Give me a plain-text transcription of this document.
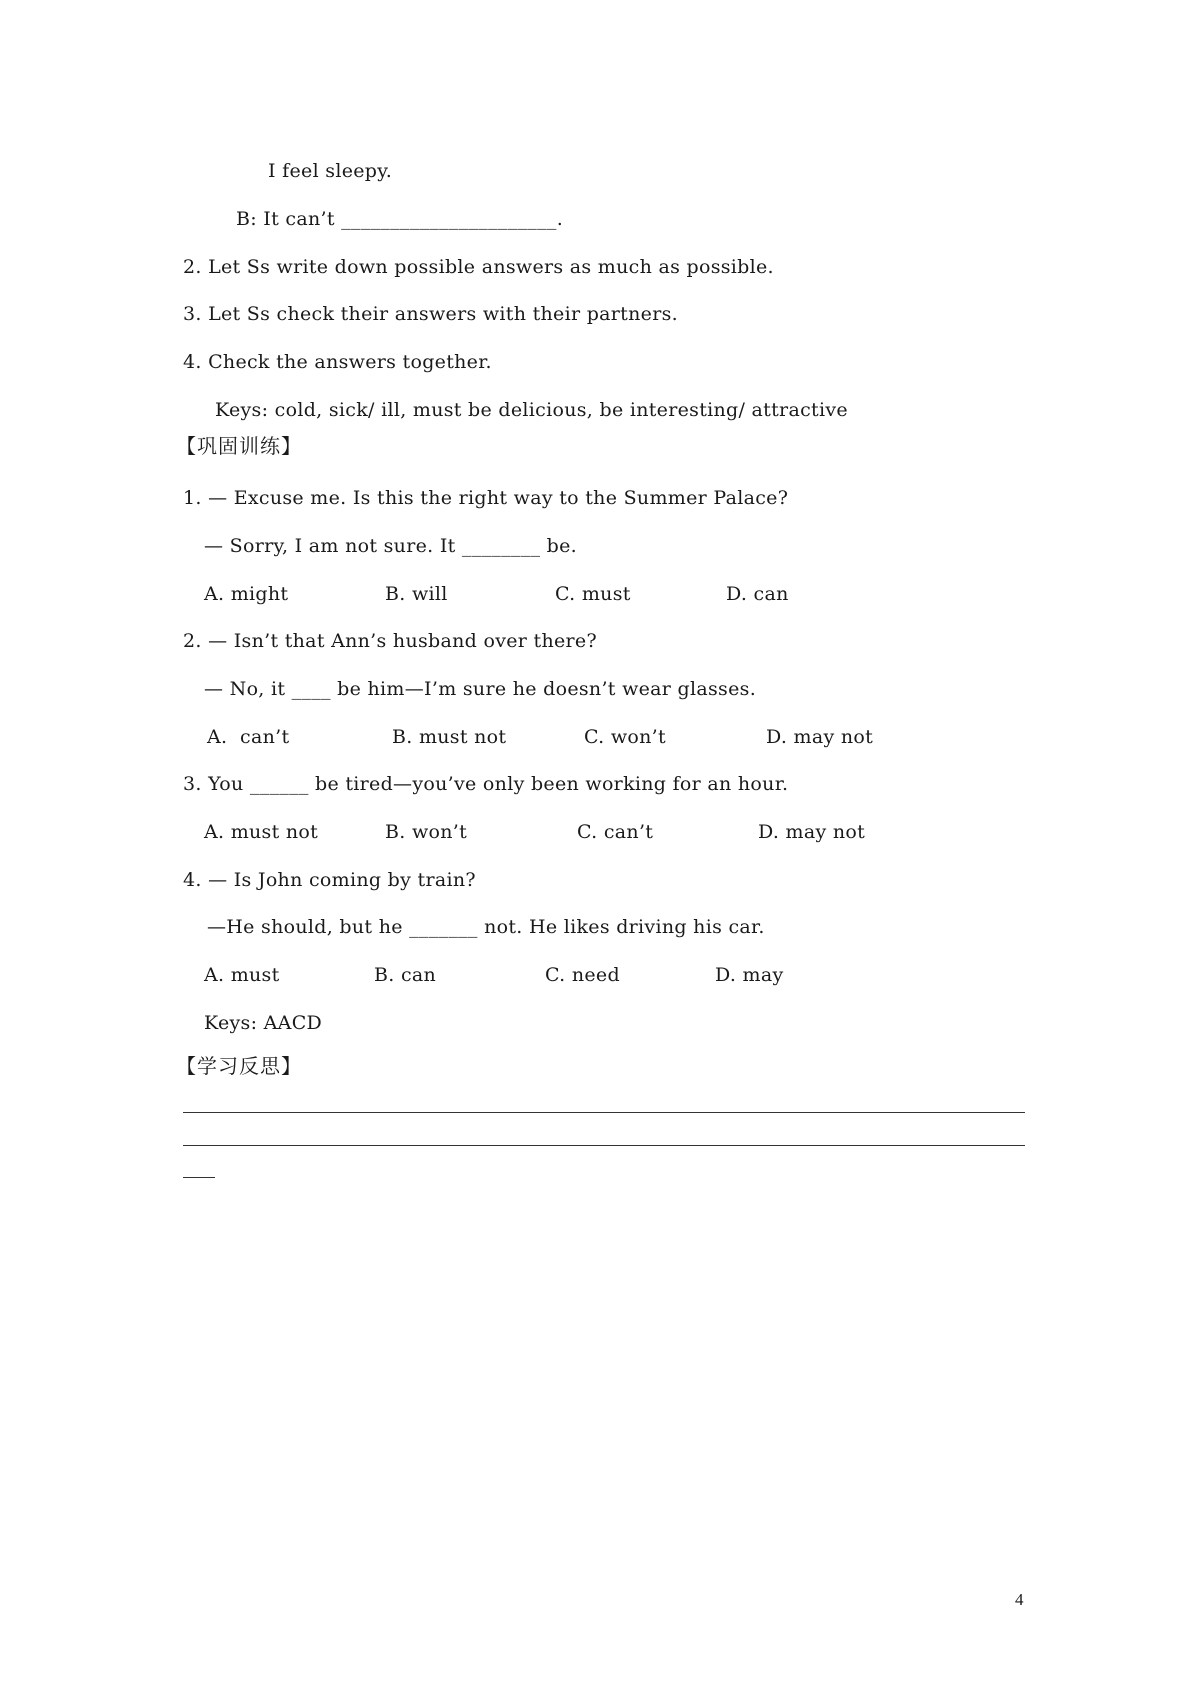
I feel sleepy.
B: It can’t ______________________.
2. Let Ss write down possible answers as much as possible.
3. Let Ss check their answers with their partners.
4. Check the answers together.
Keys: cold, sick/ ill, must be delicious, be interesting/ attractive
【巩固训练】
1. — Excuse me. Is this the right way to the Summer Palace?
— Sorry, I am not sure. It ________ be.
A. might	B. will	C. must	D. can
2. — Isn’t that Ann’s husband over there?
— No, it ____ be him—I’m sure he doesn’t wear glasses.
A.  can’t	B. must not	C. won’t	D. may not
3. You ______ be tired—you’ve only been working for an hour.
A. must not	B. won’t	C. can’t	D. may not
4. — Is John coming by train?
—He should, but he _______ not. He likes driving his car.
A. must	B. can	C. need	D. may
Keys: AACD
【学习反思】
4
